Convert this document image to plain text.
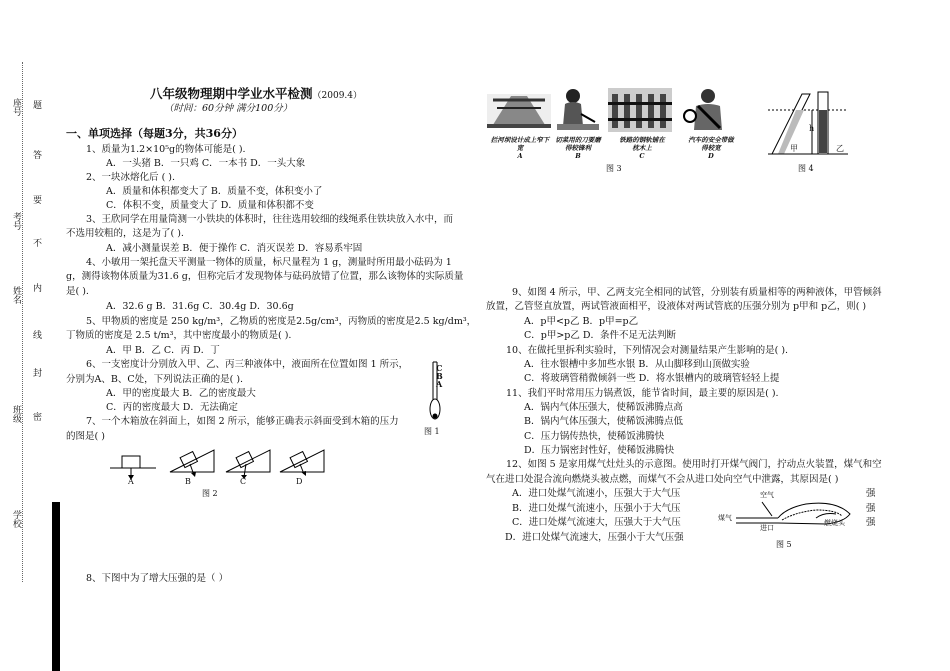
座号 题
答
要
考号
不
内
姓名
线
封
密
班级
学校
八年级物理期中学业水平检测（2009.4）
（时间：60分钟 满分100分）
一、单项选择（每题3分，共36分）
1、质量为1.2×10⁵g的物体可能是( ).
A．一头猪 B．一只鸡 C．一本书 D．一头大象
2、一块冰熔化后 ( ).
A．质量和体积都变大了 B．质量不变，体积变小了
C．体积不变，质量变大了 D．质量和体积都不变
3、王欣同学在用量筒测一小铁块的体积时，往往选用较细的线绳系住铁块放入水中，而
不选用较粗的，这是为了( ).
A．减小测量误差 B．便于操作 C．消灭误差 D．容易系牢固
4、小敏用一架托盘天平测量一物体的质量，标尺量程为 1 g，测量时所用最小砝码为 1
g，测得该物体质量为31.6 g，但称完后才发现物体与砝码放错了位置，那么该物体的实际质量
是( ).
A．32.6 g B．31.6g C．30.4g D．30.6g
5、甲物质的密度是 250 kg/m³，乙物质的密度是2.5g/cm³，丙物质的密度是2.5 kg/dm³，
丁物质的密度是 2.5 t/m³，其中密度最小的物质是( ).
A．甲 B．乙 C．丙 D．丁
6、一支密度计分别放入甲、乙、丙三种液体中，液面所在位置如图 1 所示，
分别为A、B、C处，下列说法正确的是( ).
A．甲的密度最大 B．乙的密度最大
C．丙的密度最大 D．无法确定
7、一个木箱放在斜面上，如图 2 所示，能够正确表示斜面受到木箱的压力
的图是( )
8、下图中为了增大压强的是（ ）
C
B
A
图 1
A	B	C	D
图 2
拦河坝设计成上窄下宽
A
切菜用的刀要磨得较锋利
B
铁路的钢轨铺在枕木上
C
汽车的安全带做得较宽
D
图 3
h
甲	乙
图 4
9、如图 4 所示，甲、乙两支完全相同的试管，分别装有质量相等的两种液体，甲管倾斜
放置，乙管竖直放置，两试管液面相平，设液体对两试管底的压强分别为 p甲和 p乙，则( )
A．p甲<p乙 B．p甲=p乙
C．p甲>p乙 D．条件不足无法判断
10、在做托里拆利实验时，下列情况会对测量结果产生影响的是( ).
A．往水银槽中多加些水银 B．从山脚移到山顶做实验
C．将玻璃管稍微倾斜一些 D．将水银槽内的玻璃管轻轻上提
11、我们平时常用压力锅煮饭，能节省时间，最主要的原因是( ).
A．锅内气体压强大，使稀饭沸腾点高
B．锅内气体压强大，使稀饭沸腾点低
C．压力锅传热快，使稀饭沸腾快
D．压力锅密封性好，使稀饭沸腾快
12、如图 5 是家用煤气灶灶头的示意图。使用时打开煤气阀门，拧动点火装置，煤气和空
气在进口处混合流向燃烧头被点燃，而煤气不会从进口处向空气中泄露，其原因是( )
A．进口处煤气流速小，压强大于大气压
B．进口处煤气流速小，压强小于大气压
C．进口处煤气流速大，压强大于大气压
D．进口处煤气流速大，压强小于大气压强
强
强
强
空气
煤气
进口
燃烧头
图 5
